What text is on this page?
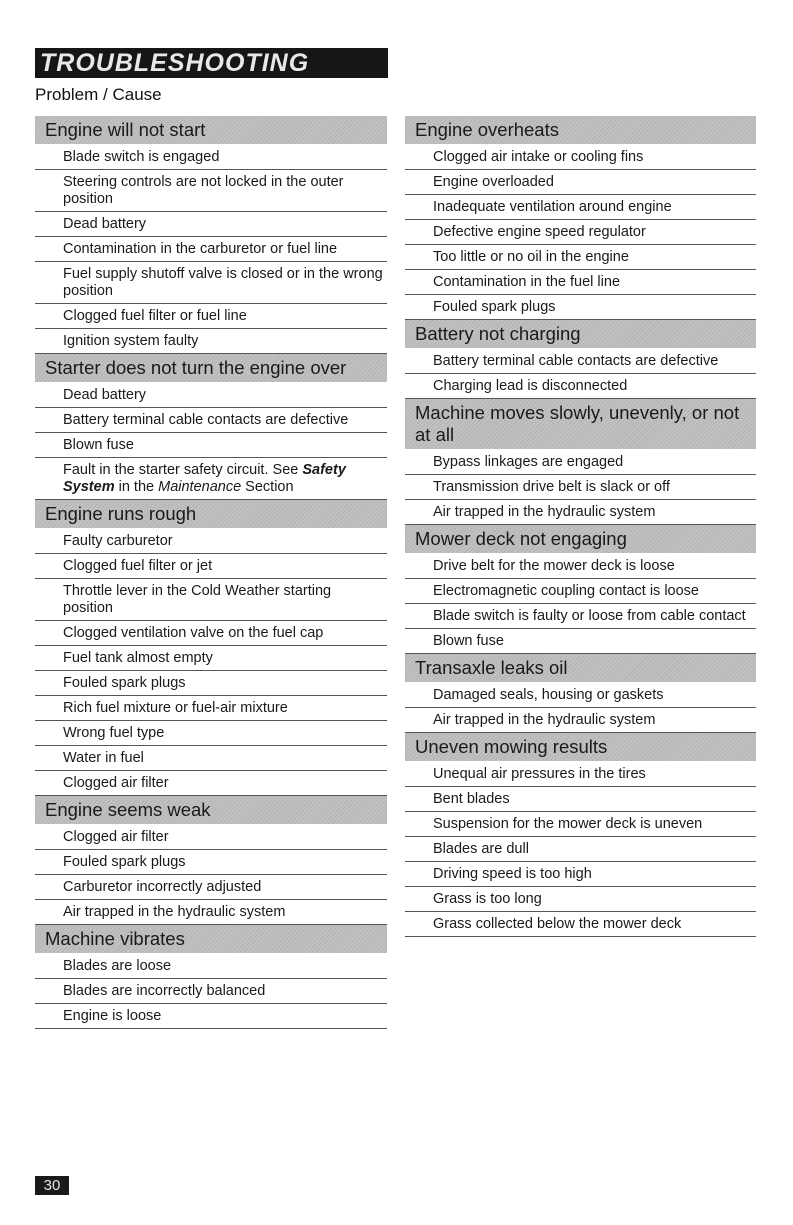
TROUBLESHOOTING
Problem / Cause
Engine will not start
Blade switch is engaged
Steering controls are not locked in the outer position
Dead battery
Contamination in the carburetor or fuel line
Fuel supply shutoff valve is closed or in the wrong position
Clogged fuel filter or fuel line
Ignition system faulty
Starter does not turn the engine over
Dead battery
Battery terminal cable contacts are defective
Blown fuse
Fault in the starter safety circuit. See Safety System in the Maintenance Section
Engine runs rough
Faulty carburetor
Clogged fuel filter or jet
Throttle lever in the Cold Weather starting position
Clogged ventilation valve on the fuel cap
Fuel tank almost empty
Fouled spark plugs
Rich fuel mixture or fuel-air mixture
Wrong fuel type
Water in fuel
Clogged air filter
Engine seems weak
Clogged air filter
Fouled spark plugs
Carburetor incorrectly adjusted
Air trapped in the hydraulic system
Machine vibrates
Blades are loose
Blades are incorrectly balanced
Engine is loose
Engine overheats
Clogged air intake or cooling fins
Engine overloaded
Inadequate ventilation around engine
Defective engine speed regulator
Too little or no oil in the engine
Contamination in the fuel line
Fouled spark plugs
Battery not charging
Battery terminal cable contacts are defective
Charging lead is disconnected
Machine moves slowly, unevenly, or not at all
Bypass linkages are engaged
Transmission drive belt is slack or off
Air trapped in the hydraulic system
Mower deck not engaging
Drive belt for the mower deck is loose
Electromagnetic coupling contact is loose
Blade switch is faulty or loose from cable contact
Blown fuse
Transaxle leaks oil
Damaged seals, housing or gaskets
Air trapped in the hydraulic system
Uneven mowing results
Unequal air pressures in the tires
Bent blades
Suspension for the mower deck is uneven
Blades are dull
Driving speed is too high
Grass is too long
Grass collected below the mower deck
30
